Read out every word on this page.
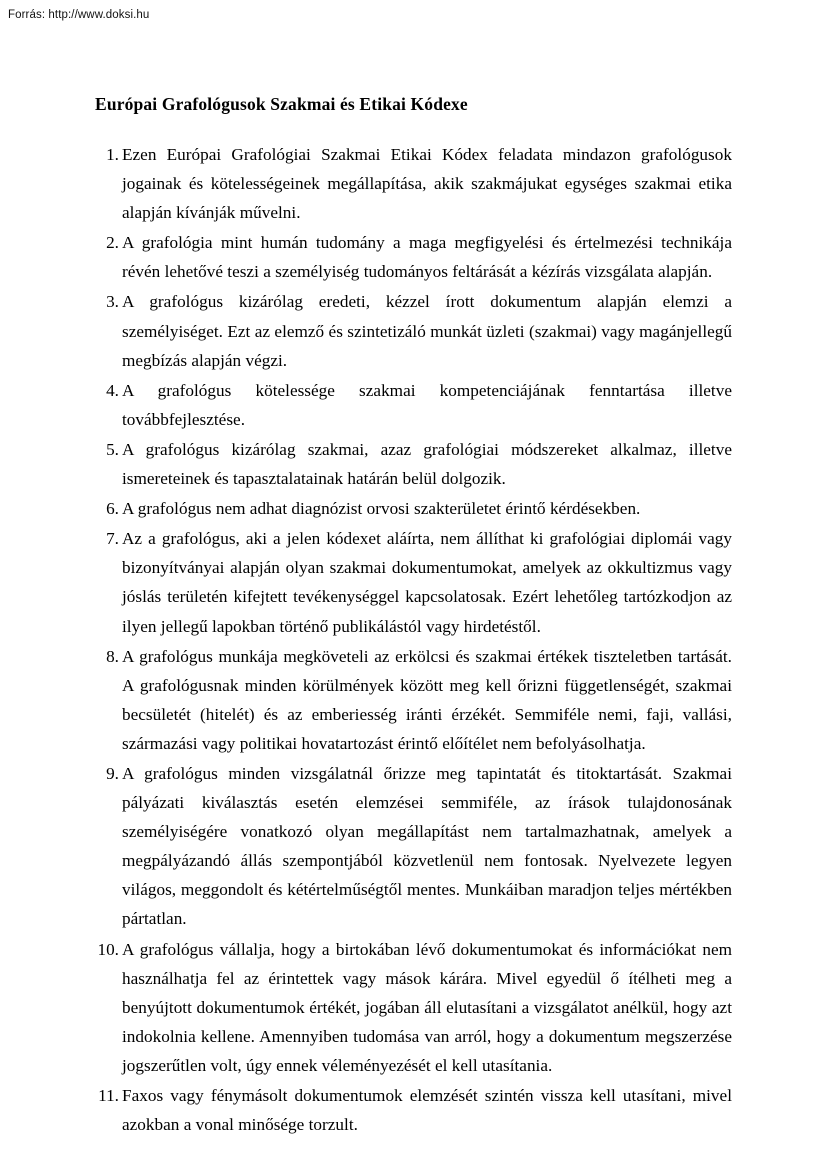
Forrás: http://www.doksi.hu
Európai Grafológusok Szakmai és Etikai Kódexe
1. Ezen Európai Grafológiai Szakmai Etikai Kódex feladata mindazon grafológusok jogainak és kötelességeinek megállapítása, akik szakmájukat egységes szakmai etika alapján kívánják művelni.
2. A grafológia mint humán tudomány a maga megfigyelési és értelmezési technikája révén lehetővé teszi a személyiség tudományos feltárását a kézírás vizsgálata alapján.
3. A grafológus kizárólag eredeti, kézzel írott dokumentum alapján elemzi a személyiséget. Ezt az elemző és szintetizáló munkát üzleti (szakmai) vagy magánjellegű megbízás alapján végzi.
4. A grafológus kötelessége szakmai kompetenciájának fenntartása illetve továbbfejlesztése.
5. A grafológus kizárólag szakmai, azaz grafológiai módszereket alkalmaz, illetve ismereteinek és tapasztalatainak határán belül dolgozik.
6. A grafológus nem adhat diagnózist orvosi szakterületet érintő kérdésekben.
7. Az a grafológus, aki a jelen kódexet aláírta, nem állíthat ki grafológiai diplomái vagy bizonyítványai alapján olyan szakmai dokumentumokat, amelyek az okkultizmus vagy jóslás területén kifejtett tevékenységgel kapcsolatosak. Ezért lehetőleg tartózkodjon az ilyen jellegű lapokban történő publikálástól vagy hirdetéstől.
8. A grafológus munkája megköveteli az erkölcsi és szakmai értékek tiszteletben tartását. A grafológusnak minden körülmények között meg kell őrizni függetlenségét, szakmai becsületét (hitelét) és az emberiesség iránti érzékét. Semmiféle nemi, faji, vallási, származási vagy politikai hovatartozást érintő előítélet nem befolyásolhatja.
9. A grafológus minden vizsgálatnál őrizze meg tapintatát és titoktartását. Szakmai pályázati kiválasztás esetén elemzései semmiféle, az írások tulajdonosának személyiségére vonatkozó olyan megállapítást nem tartalmazhatnak, amelyek a megpályázandó állás szempontjából közvetlenül nem fontosak. Nyelvezete legyen világos, meggondolt és kétértelműségtől mentes. Munkáiban maradjon teljes mértékben pártatlan.
10. A grafológus vállalja, hogy a birtokában lévő dokumentumokat és információkat nem használhatja fel az érintettek vagy mások kárára. Mivel egyedül ő ítélheti meg a benyújtott dokumentumok értékét, jogában áll elutasítani a vizsgálatot anélkül, hogy azt indokolnia kellene. Amennyiben tudomása van arról, hogy a dokumentum megszerzése jogszerűtlen volt, úgy ennek véleményezését el kell utasítania.
11. Faxos vagy fénymásolt dokumentumok elemzését szintén vissza kell utasítani, mivel azokban a vonal minősége torzult.
